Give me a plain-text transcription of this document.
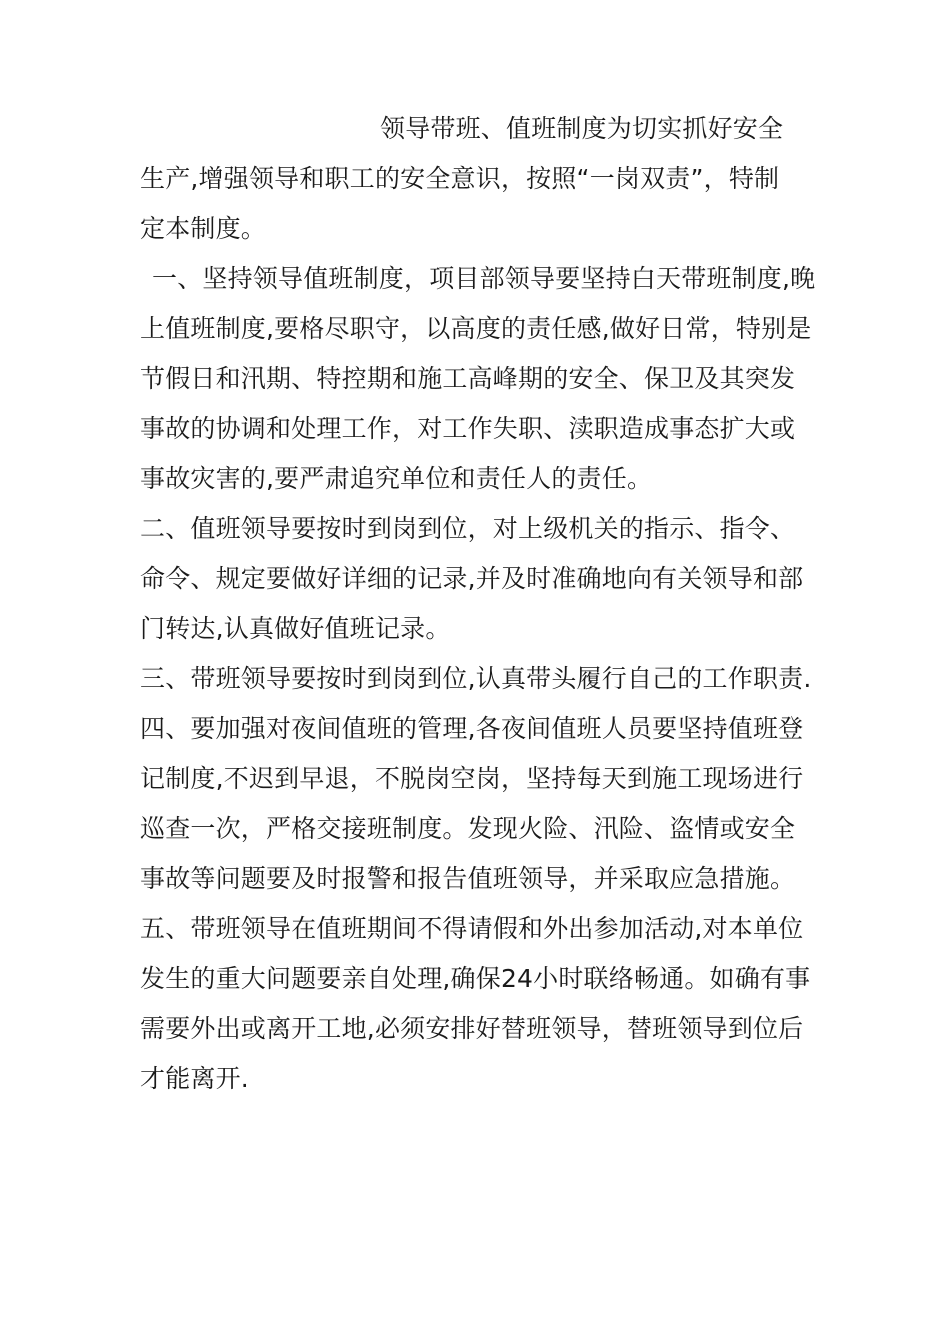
领导带班、值班制度为切实抓好安全
生产,增强领导和职工的安全意识，按照“一岗双责”，特制
定本制度。
一、坚持领导值班制度，项目部领导要坚持白天带班制度,晚
上值班制度,要格尽职守，以高度的责任感,做好日常，特别是
节假日和汛期、特控期和施工高峰期的安全、保卫及其突发
事故的协调和处理工作，对工作失职、渎职造成事态扩大或
事故灾害的,要严肃追究单位和责任人的责任。
二、值班领导要按时到岗到位，对上级机关的指示、指令、
命令、规定要做好详细的记录,并及时准确地向有关领导和部
门转达,认真做好值班记录。
三、带班领导要按时到岗到位,认真带头履行自己的工作职责.
四、要加强对夜间值班的管理,各夜间值班人员要坚持值班登
记制度,不迟到早退，不脱岗空岗，坚持每天到施工现场进行
巡查一次，严格交接班制度。发现火险、汛险、盗情或安全
事故等问题要及时报警和报告值班领导，并采取应急措施。
五、带班领导在值班期间不得请假和外出参加活动,对本单位
发生的重大问题要亲自处理,确保24小时联络畅通。如确有事
需要外出或离开工地,必须安排好替班领导，替班领导到位后
才能离开.
